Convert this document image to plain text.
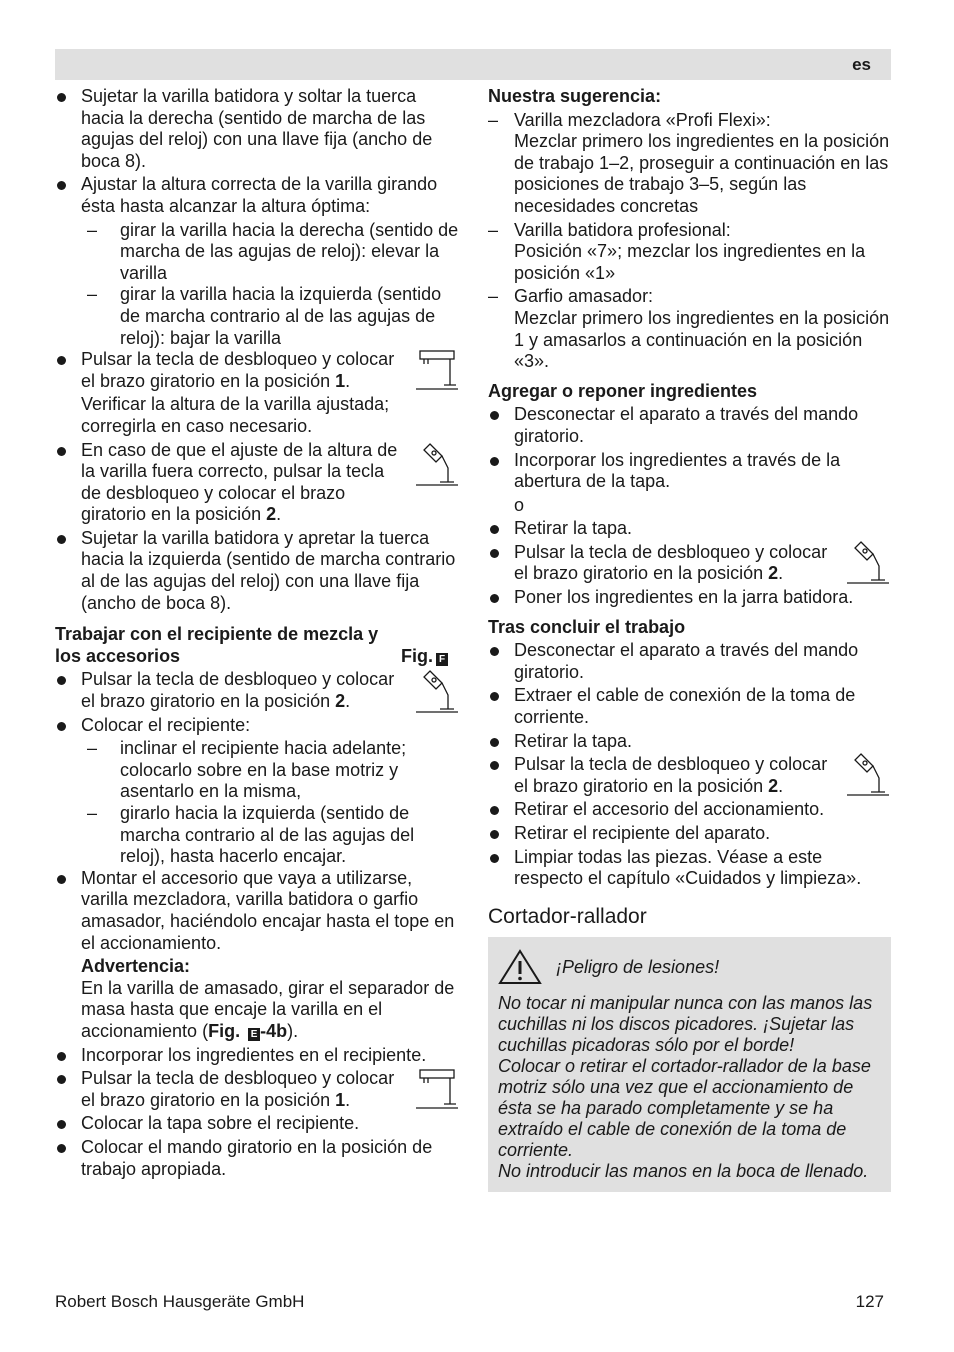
es
Sujetar la varilla batidora y soltar la tuerca hacia la derecha (sentido de marcha de las agujas del reloj) con una llave fija (ancho de boca 8).
Ajustar la altura correcta de la varilla girando ésta hasta alcanzar la altura óptima:
– girar la varilla hacia la derecha (sentido de marcha de las agujas de reloj): elevar la varilla
– girar la varilla hacia la izquierda (sentido de marcha contrario al de las agujas de reloj): bajar la varilla
Pulsar la tecla de desbloqueo y colocar el brazo giratorio en la posición 1.
Verificar la altura de la varilla ajustada; corregirla en caso necesario.
En caso de que el ajuste de la altura de la varilla fuera correcto, pulsar la tecla de desbloqueo y colocar el brazo giratorio en la posición 2.
Sujetar la varilla batidora y apretar la tuerca hacia la izquierda (sentido de marcha contrario al de las agujas del reloj) con una llave fija (ancho de boca 8).
Trabajar con el recipiente de mezcla y los accesorios	Fig. F
Pulsar la tecla de desbloqueo y colocar el brazo giratorio en la posición 2.
Colocar el recipiente:
– inclinar el recipiente hacia adelante; colocarlo sobre en la base motriz y asentarlo en la misma,
– girarlo hacia la izquierda (sentido de marcha contrario al de las agujas del reloj), hasta hacerlo encajar.
Montar el accesorio que vaya a utilizarse, varilla mezcladora, varilla batidora o garfio amasador, haciéndolo encajar hasta el tope en el accionamiento.
Advertencia:
En la varilla de amasado, girar el separador de masa hasta que encaje la varilla en el accionamiento (Fig. E -4b).
Incorporar los ingredientes en el recipiente.
Pulsar la tecla de desbloqueo y colocar el brazo giratorio en la posición 1.
Colocar la tapa sobre el recipiente.
Colocar el mando giratorio en la posición de trabajo apropiada.
Nuestra sugerencia:
– Varilla mezcladora «Profi Flexi»:
Mezclar primero los ingredientes en la posición de trabajo 1–2, proseguir a continuación en las posiciones de trabajo 3–5, según las necesidades concretas
– Varilla batidora profesional:
Posición «7»; mezclar los ingredientes en la posición «1»
– Garfio amasador:
Mezclar primero los ingredientes en la posición 1 y amasarlos a continuación en la posición «3».
Agregar o reponer ingredientes
Desconectar el aparato a través del mando giratorio.
Incorporar los ingredientes a través de la abertura de la tapa.
o
Retirar la tapa.
Pulsar la tecla de desbloqueo y colocar el brazo giratorio en la posición 2.
Poner los ingredientes en la jarra batidora.
Tras concluir el trabajo
Desconectar el aparato a través del mando giratorio.
Extraer el cable de conexión de la toma de corriente.
Retirar la tapa.
Pulsar la tecla de desbloqueo y colocar el brazo giratorio en la posición 2.
Retirar el accesorio del accionamiento.
Retirar el recipiente del aparato.
Limpiar todas las piezas. Véase a este respecto el capítulo «Cuidados y limpieza».
Cortador-rallador
¡Peligro de lesiones!

No tocar ni manipular nunca con las manos las cuchillas ni los discos picadores. ¡Sujetar las cuchillas picadoras sólo por el borde!

Colocar o retirar el cortador-rallador de la base motriz sólo una vez que el accionamiento de ésta se ha parado completamente y se ha extraído el cable de conexión de la toma de corriente.

No introducir las manos en la boca de llenado.

Robert Bosch Hausgeräte GmbH	127
